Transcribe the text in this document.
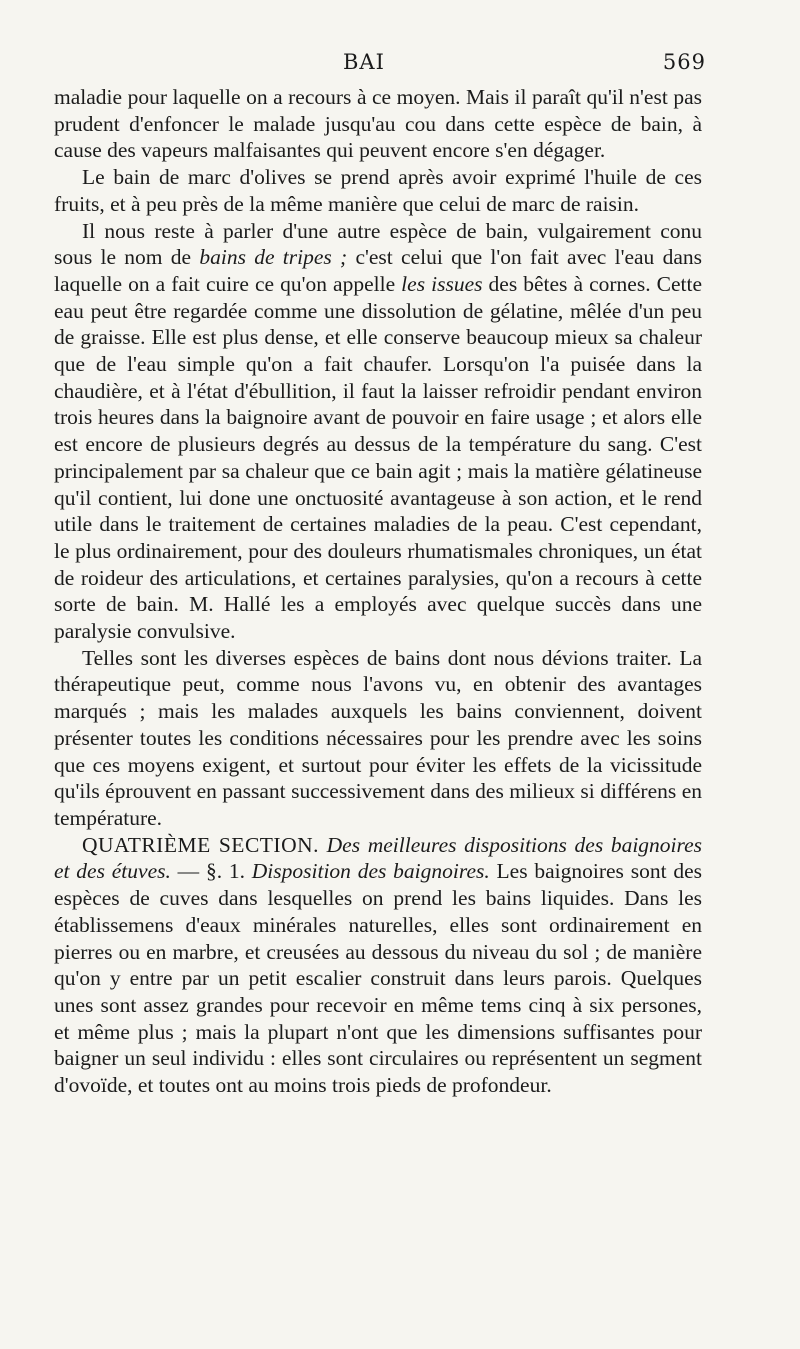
BAI	569

maladie pour laquelle on a recours à ce moyen. Mais il paraît qu'il n'est pas prudent d'enfoncer le malade jusqu'au cou dans cette espèce de bain, à cause des vapeurs malfaisantes qui peuvent encore s'en dégager.

Le bain de marc d'olives se prend après avoir exprimé l'huile de ces fruits, et à peu près de la même manière que celui de marc de raisin.

Il nous reste à parler d'une autre espèce de bain, vulgairement conu sous le nom de bains de tripes ; c'est celui que l'on fait avec l'eau dans laquelle on a fait cuire ce qu'on appelle les issues des bêtes à cornes. Cette eau peut être regardée comme une dissolution de gélatine, mêlée d'un peu de graisse. Elle est plus dense, et elle conserve beaucoup mieux sa chaleur que de l'eau simple qu'on a fait chaufer. Lorsqu'on l'a puisée dans la chaudière, et à l'état d'ébullition, il faut la laisser refroidir pendant environ trois heures dans la baignoire avant de pouvoir en faire usage ; et alors elle est encore de plusieurs degrés au dessus de la température du sang. C'est principalement par sa chaleur que ce bain agit ; mais la matière gélatineuse qu'il contient, lui done une onctuosité avantageuse à son action, et le rend utile dans le traitement de certaines maladies de la peau. C'est cependant, le plus ordinairement, pour des douleurs rhumatismales chroniques, un état de roideur des articulations, et certaines paralysies, qu'on a recours à cette sorte de bain. M. Hallé les a employés avec quelque succès dans une paralysie convulsive.

Telles sont les diverses espèces de bains dont nous dévions traiter. La thérapeutique peut, comme nous l'avons vu, en obtenir des avantages marqués ; mais les malades auxquels les bains conviennent, doivent présenter toutes les conditions nécessaires pour les prendre avec les soins que ces moyens exigent, et surtout pour éviter les effets de la vicissitude qu'ils éprouvent en passant successivement dans des milieux si différens en température.

QUATRIÈME SECTION. Des meilleures dispositions des baignoires et des étuves. — §. 1. Disposition des baignoires. Les baignoires sont des espèces de cuves dans lesquelles on prend les bains liquides. Dans les établissemens d'eaux minérales naturelles, elles sont ordinairement en pierres ou en marbre, et creusées au dessous du niveau du sol ; de manière qu'on y entre par un petit escalier construit dans leurs parois. Quelques unes sont assez grandes pour recevoir en même tems cinq à six persones, et même plus ; mais la plupart n'ont que les dimensions suffisantes pour baigner un seul individu : elles sont circulaires ou représentent un segment d'ovoïde, et toutes ont au moins trois pieds de profondeur.
